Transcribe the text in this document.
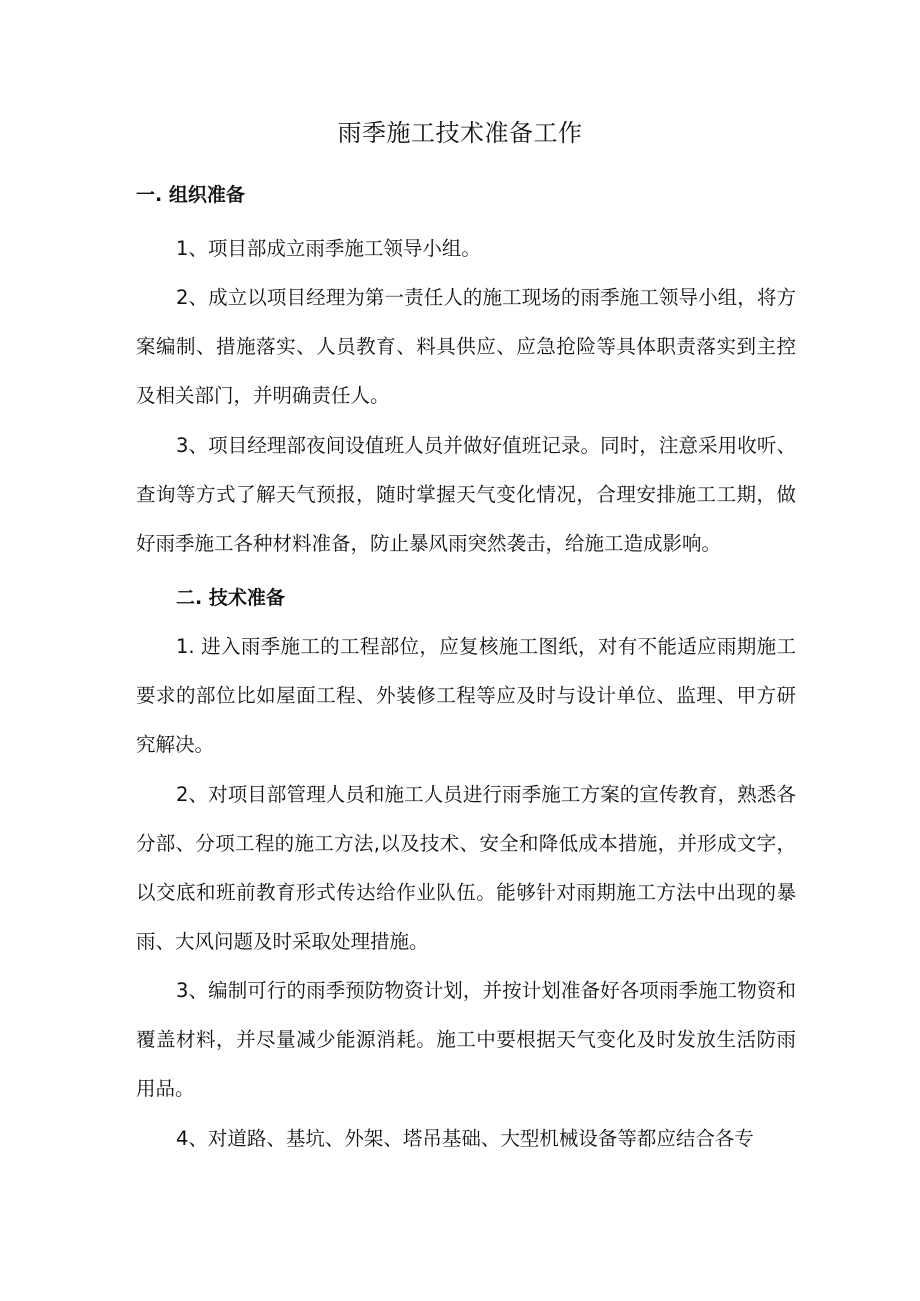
雨季施工技术准备工作
一. 组织准备

1、项目部成立雨季施工领导小组。

2、成立以项目经理为第一责任人的施工现场的雨季施工领导小组，将方案编制、措施落实、人员教育、料具供应、应急抢险等具体职责落实到主控及相关部门，并明确责任人。

3、项目经理部夜间设值班人员并做好值班记录。同时，注意采用收听、查询等方式了解天气预报，随时掌握天气变化情况，合理安排施工工期，做好雨季施工各种材料准备，防止暴风雨突然袭击，给施工造成影响。

二. 技术准备

1. 进入雨季施工的工程部位，应复核施工图纸，对有不能适应雨期施工要求的部位比如屋面工程、外装修工程等应及时与设计单位、监理、甲方研究解决。

2、对项目部管理人员和施工人员进行雨季施工方案的宣传教育，熟悉各分部、分项工程的施工方法,以及技术、安全和降低成本措施，并形成文字，以交底和班前教育形式传达给作业队伍。能够针对雨期施工方法中出现的暴雨、大风问题及时采取处理措施。

3、编制可行的雨季预防物资计划，并按计划准备好各项雨季施工物资和覆盖材料，并尽量减少能源消耗。施工中要根据天气变化及时发放生活防雨用品。

4、对道路、基坑、外架、塔吊基础、大型机械设备等都应结合各专
